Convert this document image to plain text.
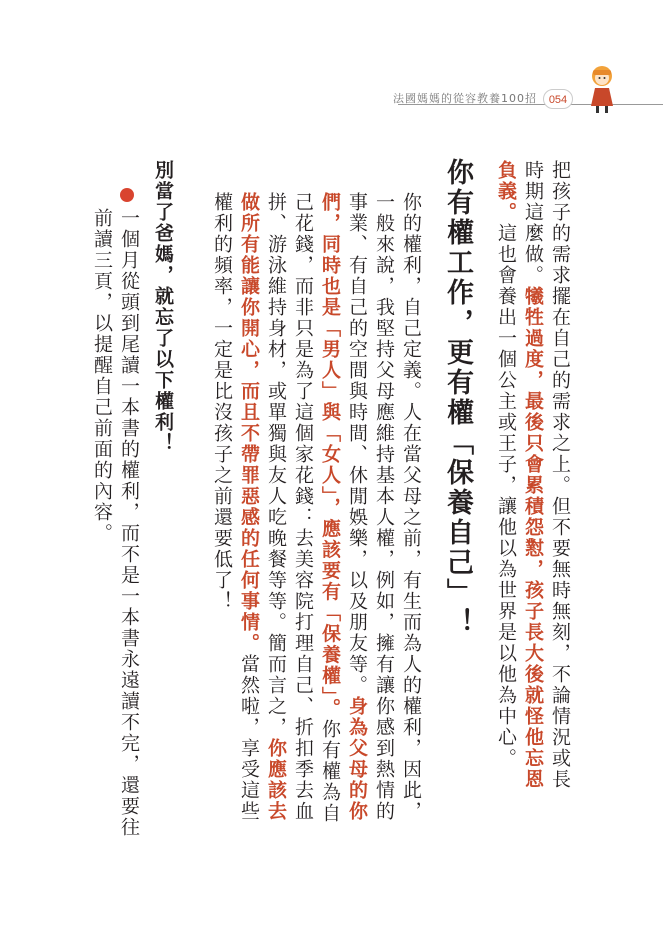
法國媽媽的從容教養100招	054
把孩子的需求擺在自己的需求之上。但不要無時無刻，不論情況或長時期這麼做。犧牲過度，最後只會累積怨懟，孩子長大後就怪他忘恩負義。這也會養出一個公主或王子，讓他以為世界是以他為中心。
你有權工作，更有權「保養自己」！
你的權利，自己定義。人在當父母之前，有生而為人的權利，因此，一般來說，我堅持父母應維持基本人權，例如，擁有讓你感到熱情的事業、有自己的空間與時間、休閒娛樂，以及朋友等。身為父母的你們，同時也是「男人」與「女人」，應該要有「保養權」。你有權為自己花錢，而非只是為了這個家花錢：去美容院打理自己、折扣季去血拼、游泳維持身材，或單獨與友人吃晚餐等等。簡而言之，你應該去做所有能讓你開心，而且不帶罪惡感的任何事情。當然啦，享受這些權利的頻率，一定是比沒孩子之前還要低了！
別當了爸媽，就忘了以下權利！
一個月從頭到尾讀一本書的權利，而不是一本書永遠讀不完，還要往前讀三頁，以提醒自己前面的內容。
